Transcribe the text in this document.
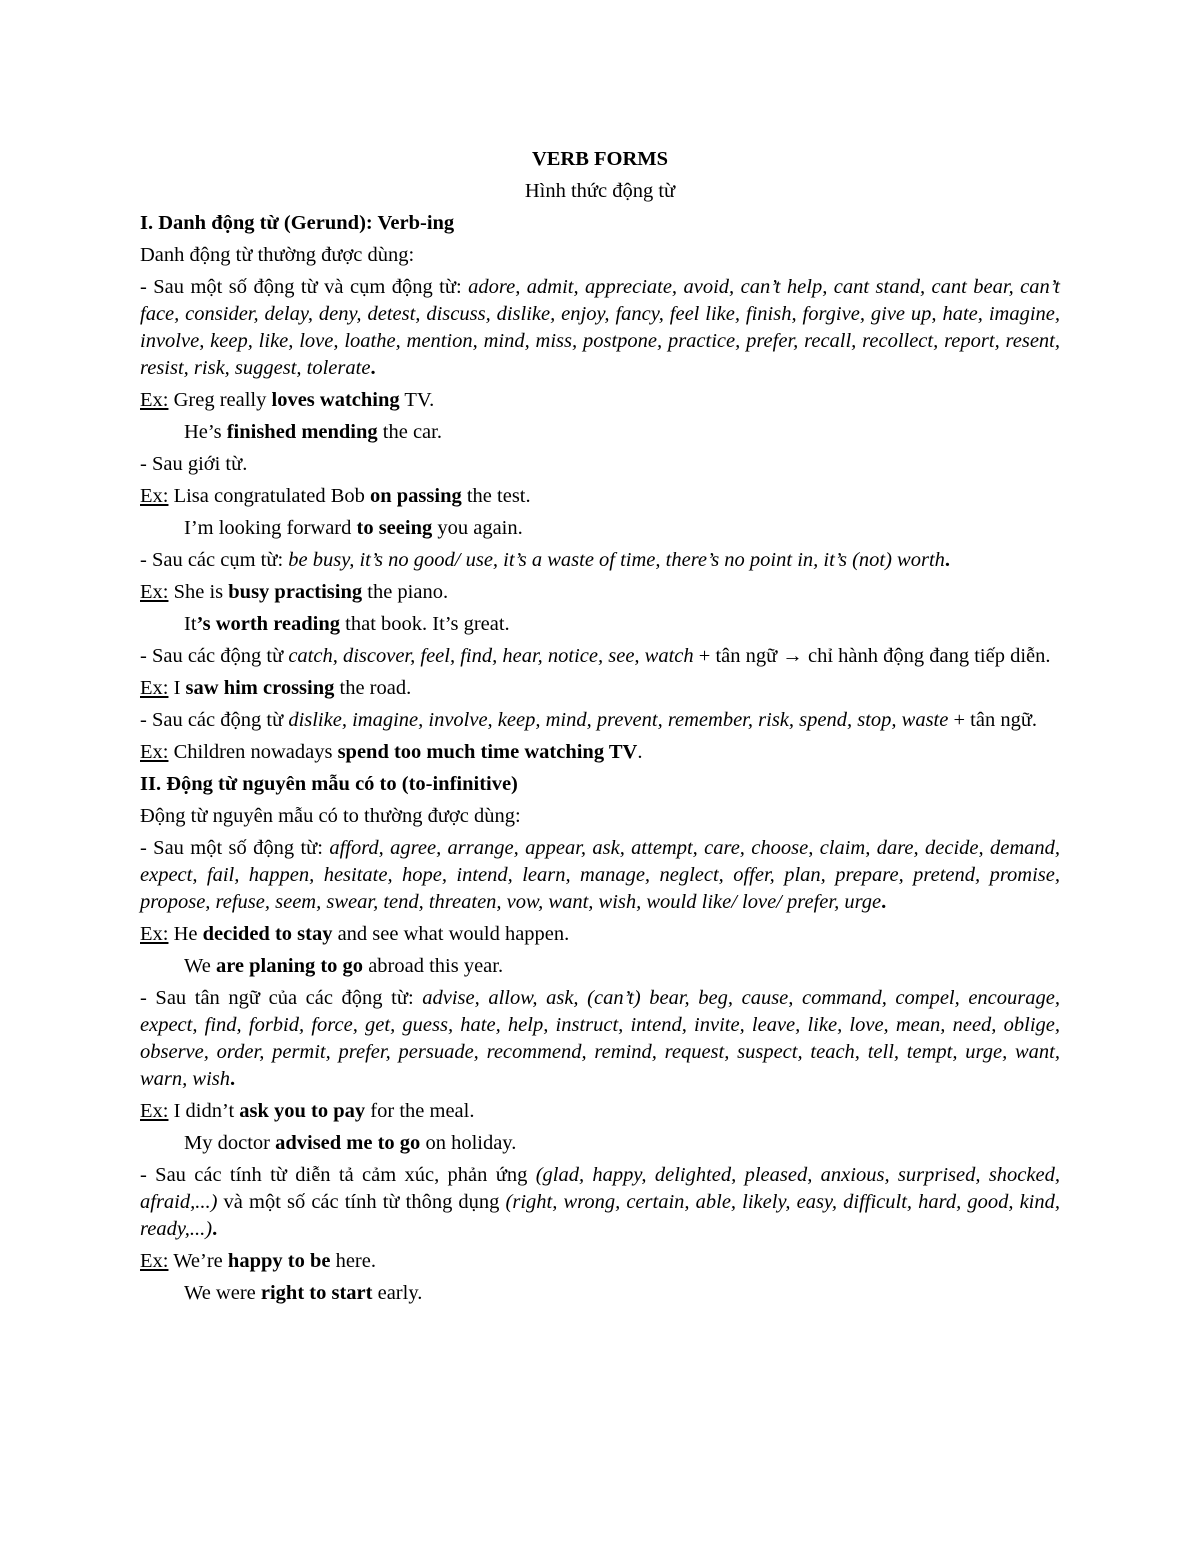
VERB FORMS
Hình thức động từ
I. Danh động từ (Gerund): Verb-ing
Danh động từ thường được dùng:
- Sau một số động từ và cụm động từ: adore, admit, appreciate, avoid, can’t help, cant stand, cant bear, can’t face, consider, delay, deny, detest, discuss, dislike, enjoy, fancy, feel like, finish, forgive, give up, hate, imagine, involve, keep, like, love, loathe, mention, mind, miss, postpone, practice, prefer, recall, recollect, report, resent, resist, risk, suggest, tolerate.
Ex: Greg really loves watching TV.
He’s finished mending the car.
- Sau giới từ.
Ex: Lisa congratulated Bob on passing the test.
I’m looking forward to seeing you again.
- Sau các cụm từ: be busy, it’s no good/ use, it’s a waste of time, there’s no point in, it’s (not) worth.
Ex: She is busy practising the piano.
It’s worth reading that book. It’s great.
- Sau các động từ catch, discover, feel, find, hear, notice, see, watch + tân ngữ → chỉ hành động đang tiếp diễn.
Ex: I saw him crossing the road.
- Sau các động từ dislike, imagine, involve, keep, mind, prevent, remember, risk, spend, stop, waste + tân ngữ.
Ex: Children nowadays spend too much time watching TV.
II. Động từ nguyên mẫu có to (to-infinitive)
Động từ nguyên mẫu có to thường được dùng:
- Sau một số động từ: afford, agree, arrange, appear, ask, attempt, care, choose, claim, dare, decide, demand, expect, fail, happen, hesitate, hope, intend, learn, manage, neglect, offer, plan, prepare, pretend, promise, propose, refuse, seem, swear, tend, threaten, vow, want, wish, would like/ love/ prefer, urge.
Ex: He decided to stay and see what would happen.
We are planing to go abroad this year.
- Sau tân ngữ của các động từ: advise, allow, ask, (can’t) bear, beg, cause, command, compel, encourage, expect, find, forbid, force, get, guess, hate, help, instruct, intend, invite, leave, like, love, mean, need, oblige, observe, order, permit, prefer, persuade, recommend, remind, request, suspect, teach, tell, tempt, urge, want, warn, wish.
Ex: I didn’t ask you to pay for the meal.
My doctor advised me to go on holiday.
- Sau các tính từ diễn tả cảm xúc, phản ứng (glad, happy, delighted, pleased, anxious, surprised, shocked, afraid,...) và một số các tính từ thông dụng (right, wrong, certain, able, likely, easy, difficult, hard, good, kind, ready,...).
Ex: We’re happy to be here.
We were right to start early.
